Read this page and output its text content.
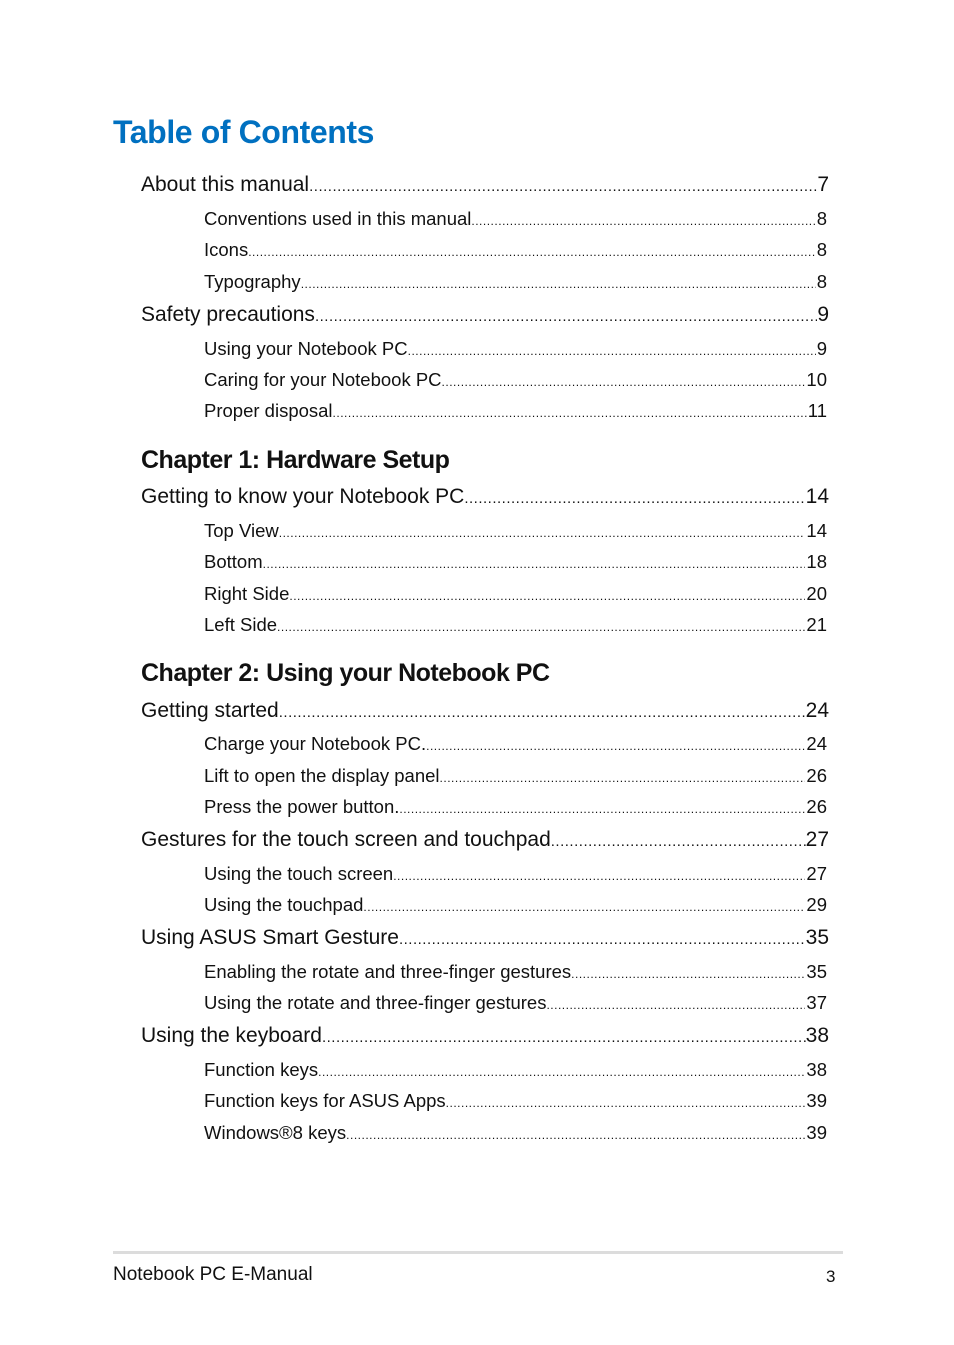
Table of Contents
About this manual .....	7
Conventions used in this manual .....	8
Icons .....	8
Typography .....	8
Safety precautions .....	9
Using your Notebook PC .....	9
Caring for your Notebook PC .....	10
Proper disposal .....	11
Chapter 1: Hardware Setup
Getting to know your Notebook PC .....	14
Top View .....	14
Bottom .....	18
Right Side .....	20
Left Side .....	21
Chapter 2: Using your Notebook PC
Getting started .....	24
Charge your Notebook PC. .....	24
Lift to open the display panel .....	26
Press the power button. .....	26
Gestures for the touch screen and touchpad .....	27
Using the touch screen .....	27
Using the touchpad .....	29
Using ASUS Smart Gesture .....	35
Enabling the rotate and three-finger gestures .....	35
Using the rotate and three-finger gestures .....	37
Using the keyboard .....	38
Function keys .....	38
Function keys for ASUS Apps .....	39
Windows®8 keys .....	39
Notebook PC E-Manual	3
